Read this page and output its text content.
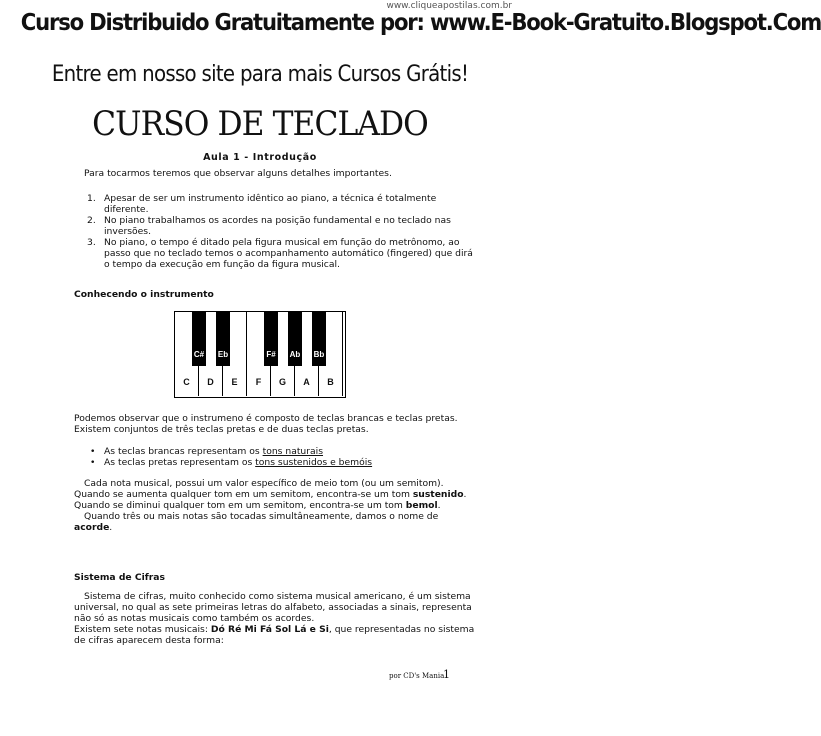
www.cliqueapostilas.com.br
Curso Distribuido Gratuitamente por: www.E-Book-Gratuito.Blogspot.Com
Entre em nosso site para mais Cursos Grátis!
CURSO DE TECLADO
Aula 1 - Introdução
Para tocarmos teremos que observar alguns detalhes importantes.
1. Apesar de ser um instrumento idêntico ao piano, a técnica é totalmente
diferente.
2. No piano trabalhamos os acordes na posição fundamental e no teclado nas
inversões.
3. No piano, o tempo é ditado pela figura musical em função do metrônomo, ao
passo que no teclado temos o acompanhamento automático (fingered) que dirá
o tempo da execução em função da figura musical.
Conhecendo o instrumento
C	D	E	F	G	A	B
C#	Eb	F#	Ab	Bb
Podemos observar que o instrumeno é composto de teclas brancas e teclas pretas.
Existem conjuntos de três teclas pretas e de duas teclas pretas.
• As teclas brancas representam os tons naturais
• As teclas pretas representam os tons sustenidos e bemóis
Cada nota musical, possui um valor específico de meio tom (ou um semitom).
Quando se aumenta qualquer tom em um semitom, encontra-se um tom sustenido.
Quando se diminui qualquer tom em um semitom, encontra-se um tom bemol.
Quando três ou mais notas são tocadas simultâneamente, damos o nome de
acorde.
Sistema de Cifras
Sistema de cifras, muito conhecido como sistema musical americano, é um sistema
universal, no qual as sete primeiras letras do alfabeto, associadas a sinais, representa
não só as notas musicais como também os acordes.
Existem sete notas musicais: Dó Ré Mi Fá Sol Lá e Si, que representadas no sistema
de cifras aparecem desta forma:
por CD's Mania
1
